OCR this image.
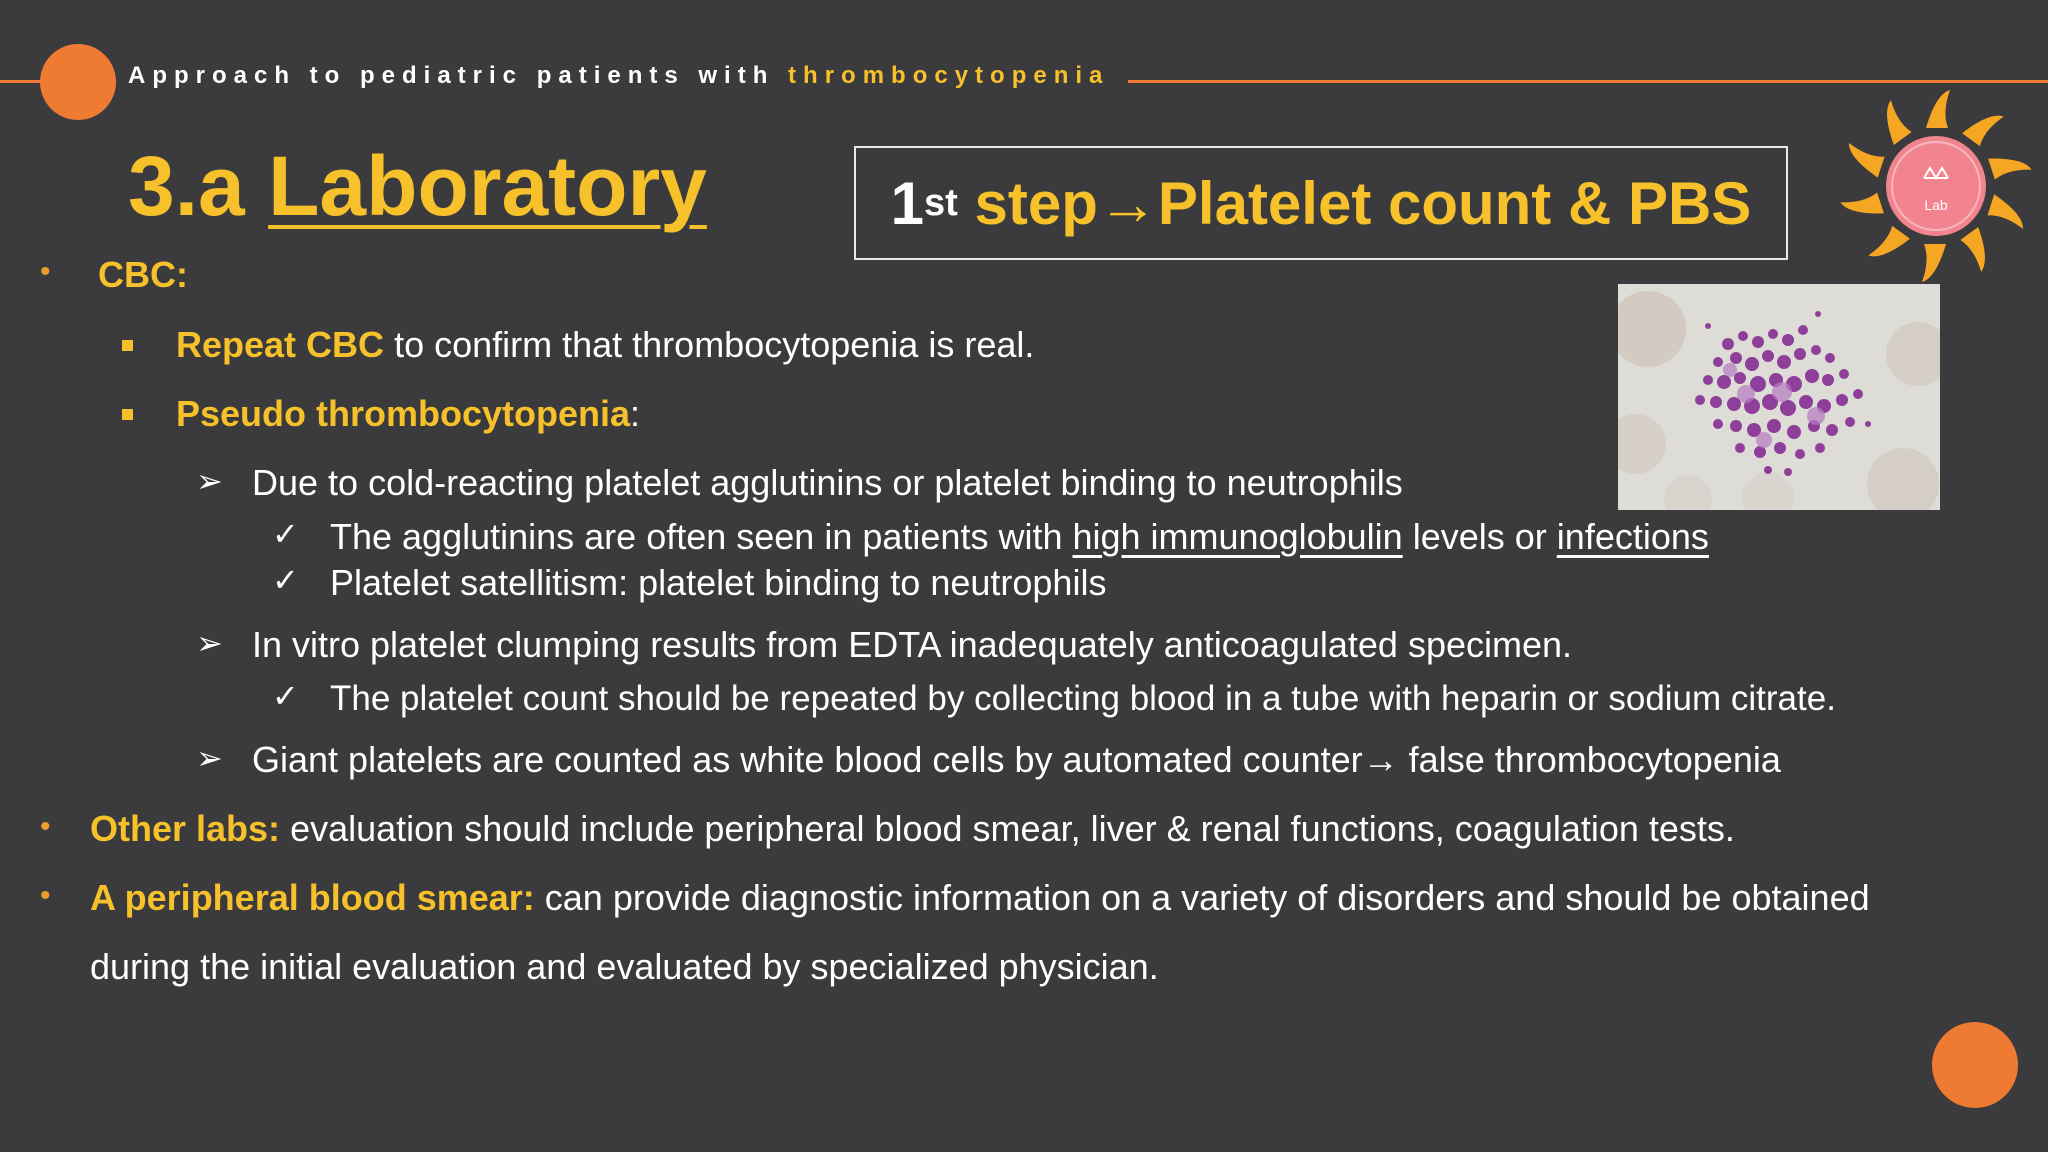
Approach to pediatric patients with thrombocytopenia
3.a Laboratory	1 st
step→Platelet count & PBS	Lab
• CBC:
Repeat CBC to confirm that thrombocytopenia is real.
Pseudo thrombocytopenia:
➢ Due to cold-reacting platelet agglutinins or platelet binding to neutrophils
✓ The agglutinins are often seen in patients with high immunoglobulin levels or infections
✓ Platelet satellitism: platelet binding to neutrophils
➢ In vitro platelet clumping results from EDTA inadequately anticoagulated specimen.
✓ The platelet count should be repeated by collecting blood in a tube with heparin or sodium citrate.
➢ Giant platelets are counted as white blood cells by automated counter→ false thrombocytopenia
• Other labs: evaluation should include peripheral blood smear, liver & renal functions, coagulation tests.
• A peripheral blood smear: can provide diagnostic information on a variety of disorders and should be obtained
during the initial evaluation and evaluated by specialized physician.
